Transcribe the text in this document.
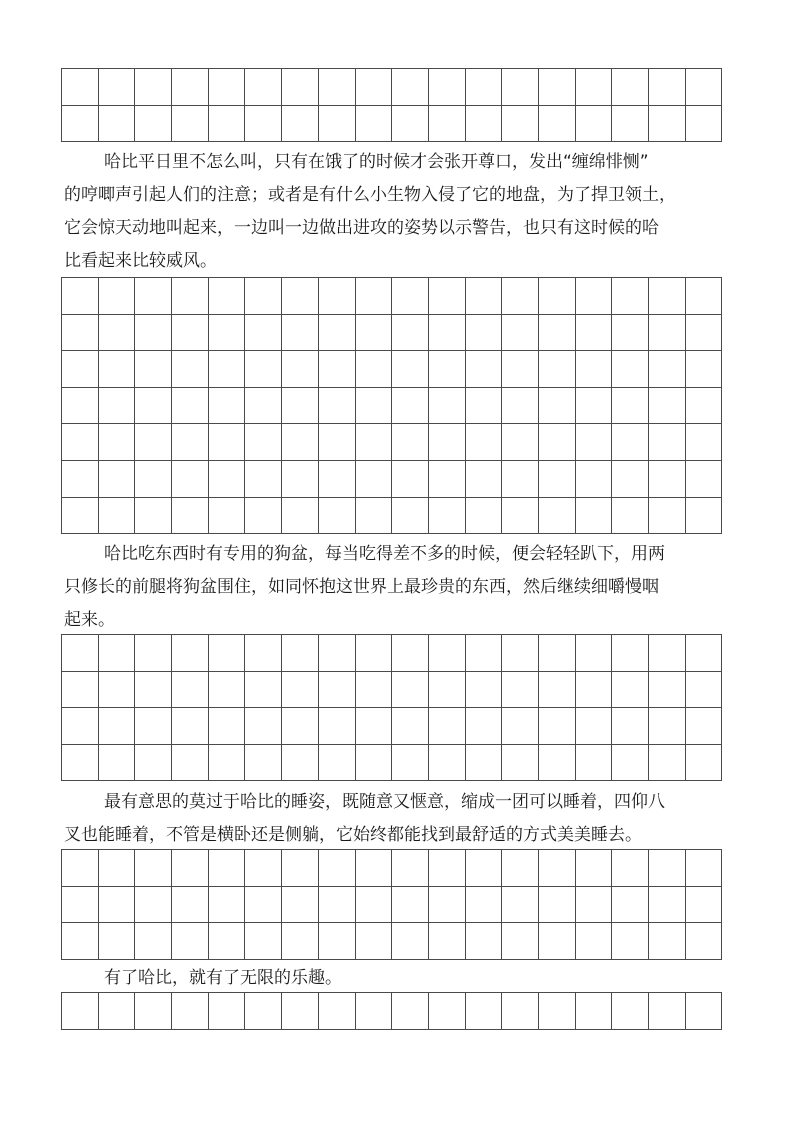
哈比平日里不怎么叫，只有在饿了的时候才会张开尊口，发出“缠绵悱恻”
的哼唧声引起人们的注意；或者是有什么小生物入侵了它的地盘，为了捍卫领土，
它会惊天动地叫起来，一边叫一边做出进攻的姿势以示警告，也只有这时候的哈
比看起来比较威风。

哈比吃东西时有专用的狗盆，每当吃得差不多的时候，便会轻轻趴下，用两
只修长的前腿将狗盆围住，如同怀抱这世界上最珍贵的东西，然后继续细嚼慢咽
起来。

最有意思的莫过于哈比的睡姿，既随意又惬意，缩成一团可以睡着，四仰八
叉也能睡着，不管是横卧还是侧躺，它始终都能找到最舒适的方式美美睡去。

有了哈比，就有了无限的乐趣。
